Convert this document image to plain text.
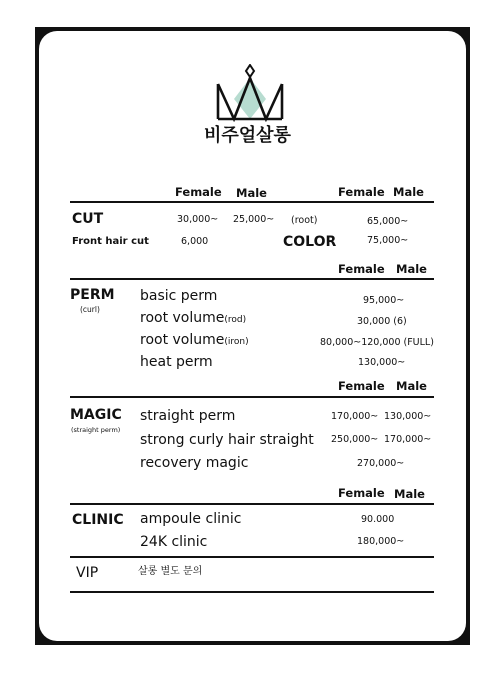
비주얼살롱
Female Male	Female Male
CUT	30,000~ 25,000~ (root)	65,000~
Front hair cut	6,000	COLOR	75,000~
Female Male
PERM
(curl)
basic perm	95,000~
root volume(rod)	30,000 (6)
root volume(iron)	80,000~120,000 (FULL)
heat perm	130,000~
Female Male
MAGIC
(straight perm)
straight perm	170,000~ 130,000~
strong curly hair straight 250,000~ 170,000~
recovery magic	270,000~
Female Male
CLINIC ampoule clinic	90.000
24K clinic	180,000~
VIP	살롱 별도 문의
